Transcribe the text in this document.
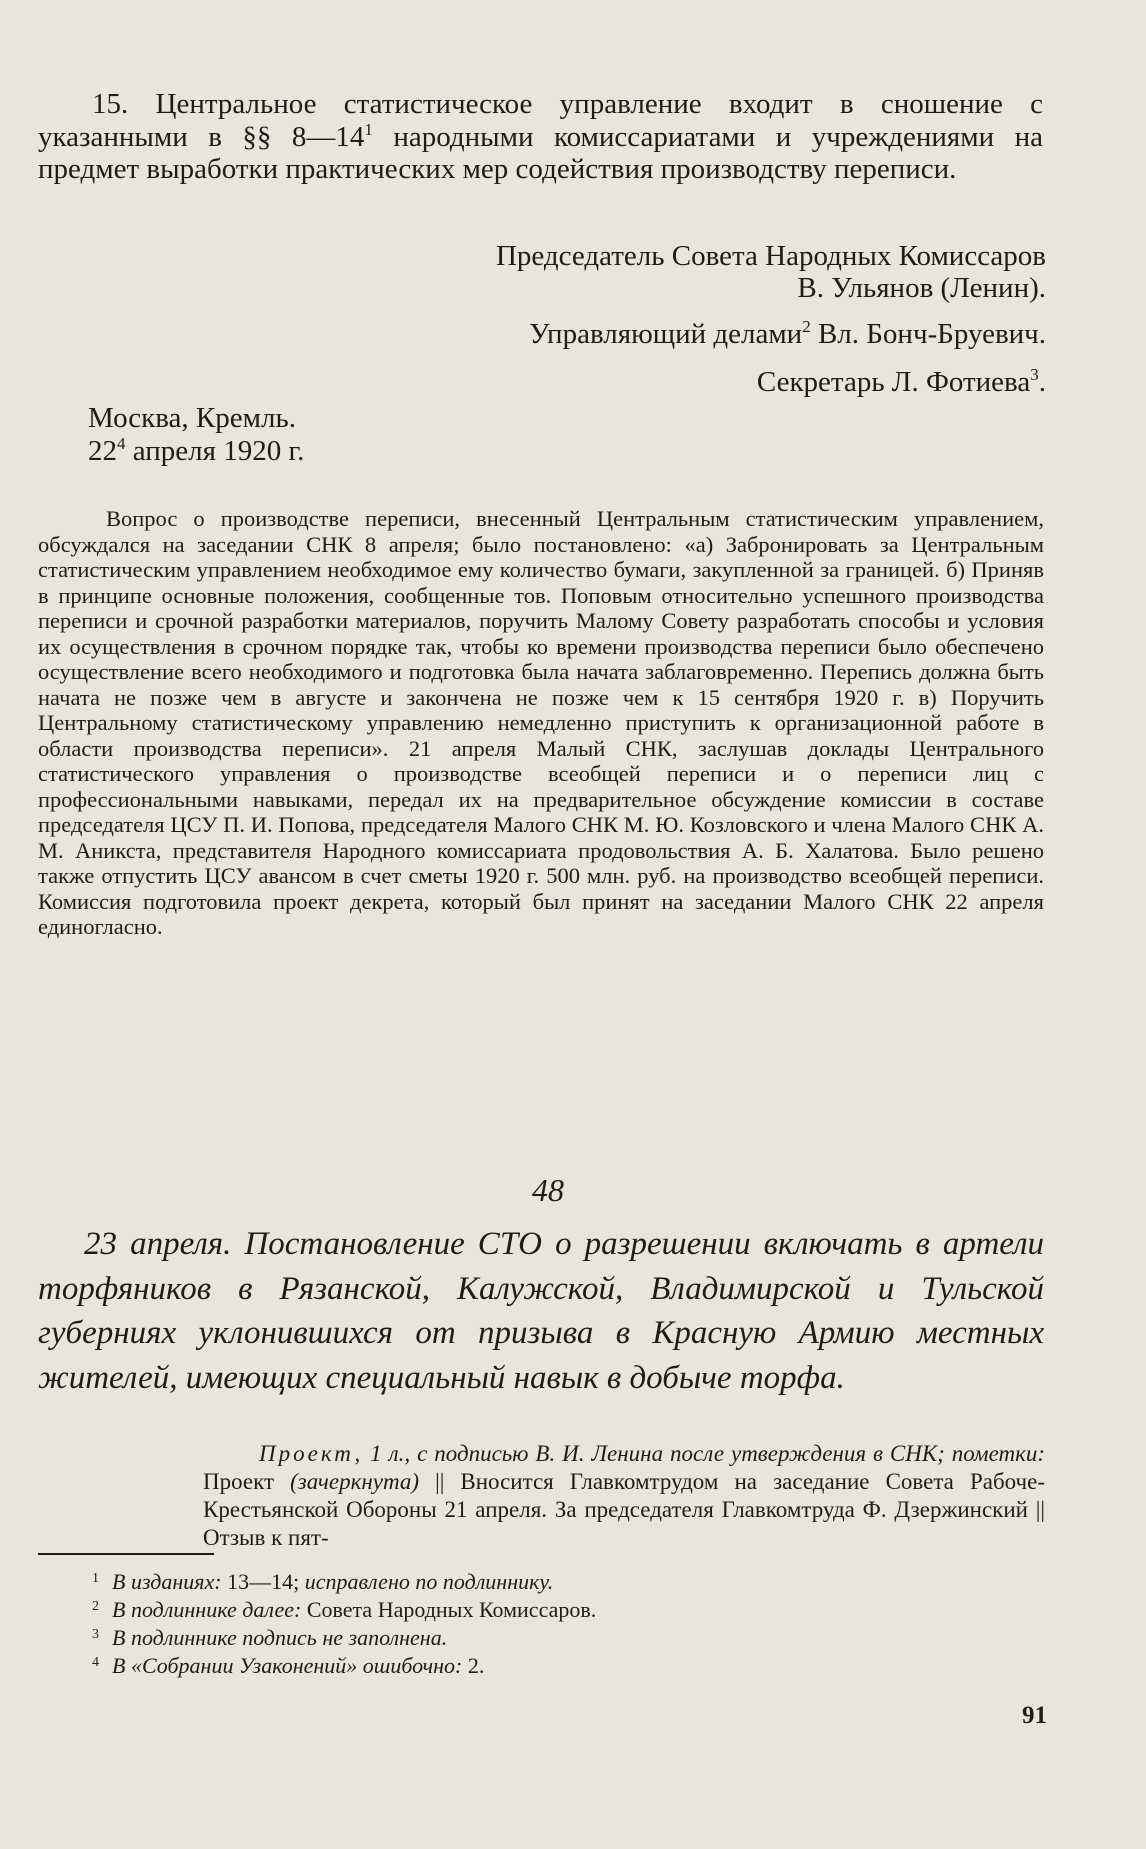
15. Центральное статистическое управление входит в сношение с указанными в §§ $8—14^1$ народными комиссариатами и учреждениями на предмет выработки практических мер содействия производству переписи.
Председатель Совета Народных Комиссаров
В. Ульянов (Ленин).
Управляющий делами$^2$ Вл. Бонч-Бруевич.
Секретарь Л. Фотиева$^3$.
Москва, Кремль.
$22^4$ апреля 1920 г.
Вопрос о производстве переписи, внесенный Центральным статистическим управлением, обсуждался на заседании СНК 8 апреля; было постановлено: «а) Забронировать за Центральным статистическим управлением необходимое ему количество бумаги, закупленной за границей. б) Приняв в принципе основные положения, сообщенные тов. Поповым относительно успешного производства переписи и срочной разработки материалов, поручить Малому Совету разработать способы и условия их осуществления в срочном порядке так, чтобы ко времени производства переписи было обеспечено осуществление всего необходимого и подготовка была начата заблаговременно. Перепись должна быть начата не позже чем в августе и закончена не позже чем к 15 сентября 1920 г. в) Поручить Центральному статистическому управлению немедленно приступить к организационной работе в области производства переписи». 21 апреля Малый СНК, заслушав доклады Центрального статистического управления о производстве всеобщей переписи и о переписи лиц с профессиональными навыками, передал их на предварительное обсуждение комиссии в составе председателя ЦСУ П. И. Попова, председателя Малого СНК М. Ю. Козловского и члена Малого СНК А. М. Аникста, представителя Народного комиссариата продовольствия А. Б. Халатова. Было решено также отпустить ЦСУ авансом в счет сметы 1920 г. 500 млн. руб. на производство всеобщей переписи. Комиссия подготовила проект декрета, который был принят на заседании Малого СНК 22 апреля единогласно.
48
23 апреля. Постановление СТО о разрешении включать в артели торфяников в Рязанской, Калужской, Владимирской и Тульской губерниях уклонившихся от призыва в Красную Армию местных жителей, имеющих специальный навык в добыче торфа.
Проект, 1 л., с подписью В. И. Ленина после утверждения в СНК; пометки: Проект (зачеркнута) || Вносится Главкомтрудом на заседание Совета Рабоче-Крестьянской Обороны 21 апреля. За председателя Главкомтруда Ф. Дзержинский || Отзыв к пят-
1 В изданиях: 13—14; исправлено по подлиннику.
2 В подлиннике далее: Совета Народных Комиссаров.
3 В подлиннике подпись не заполнена.
4 В «Собрании Узаконений» ошибочно: 2.
91
